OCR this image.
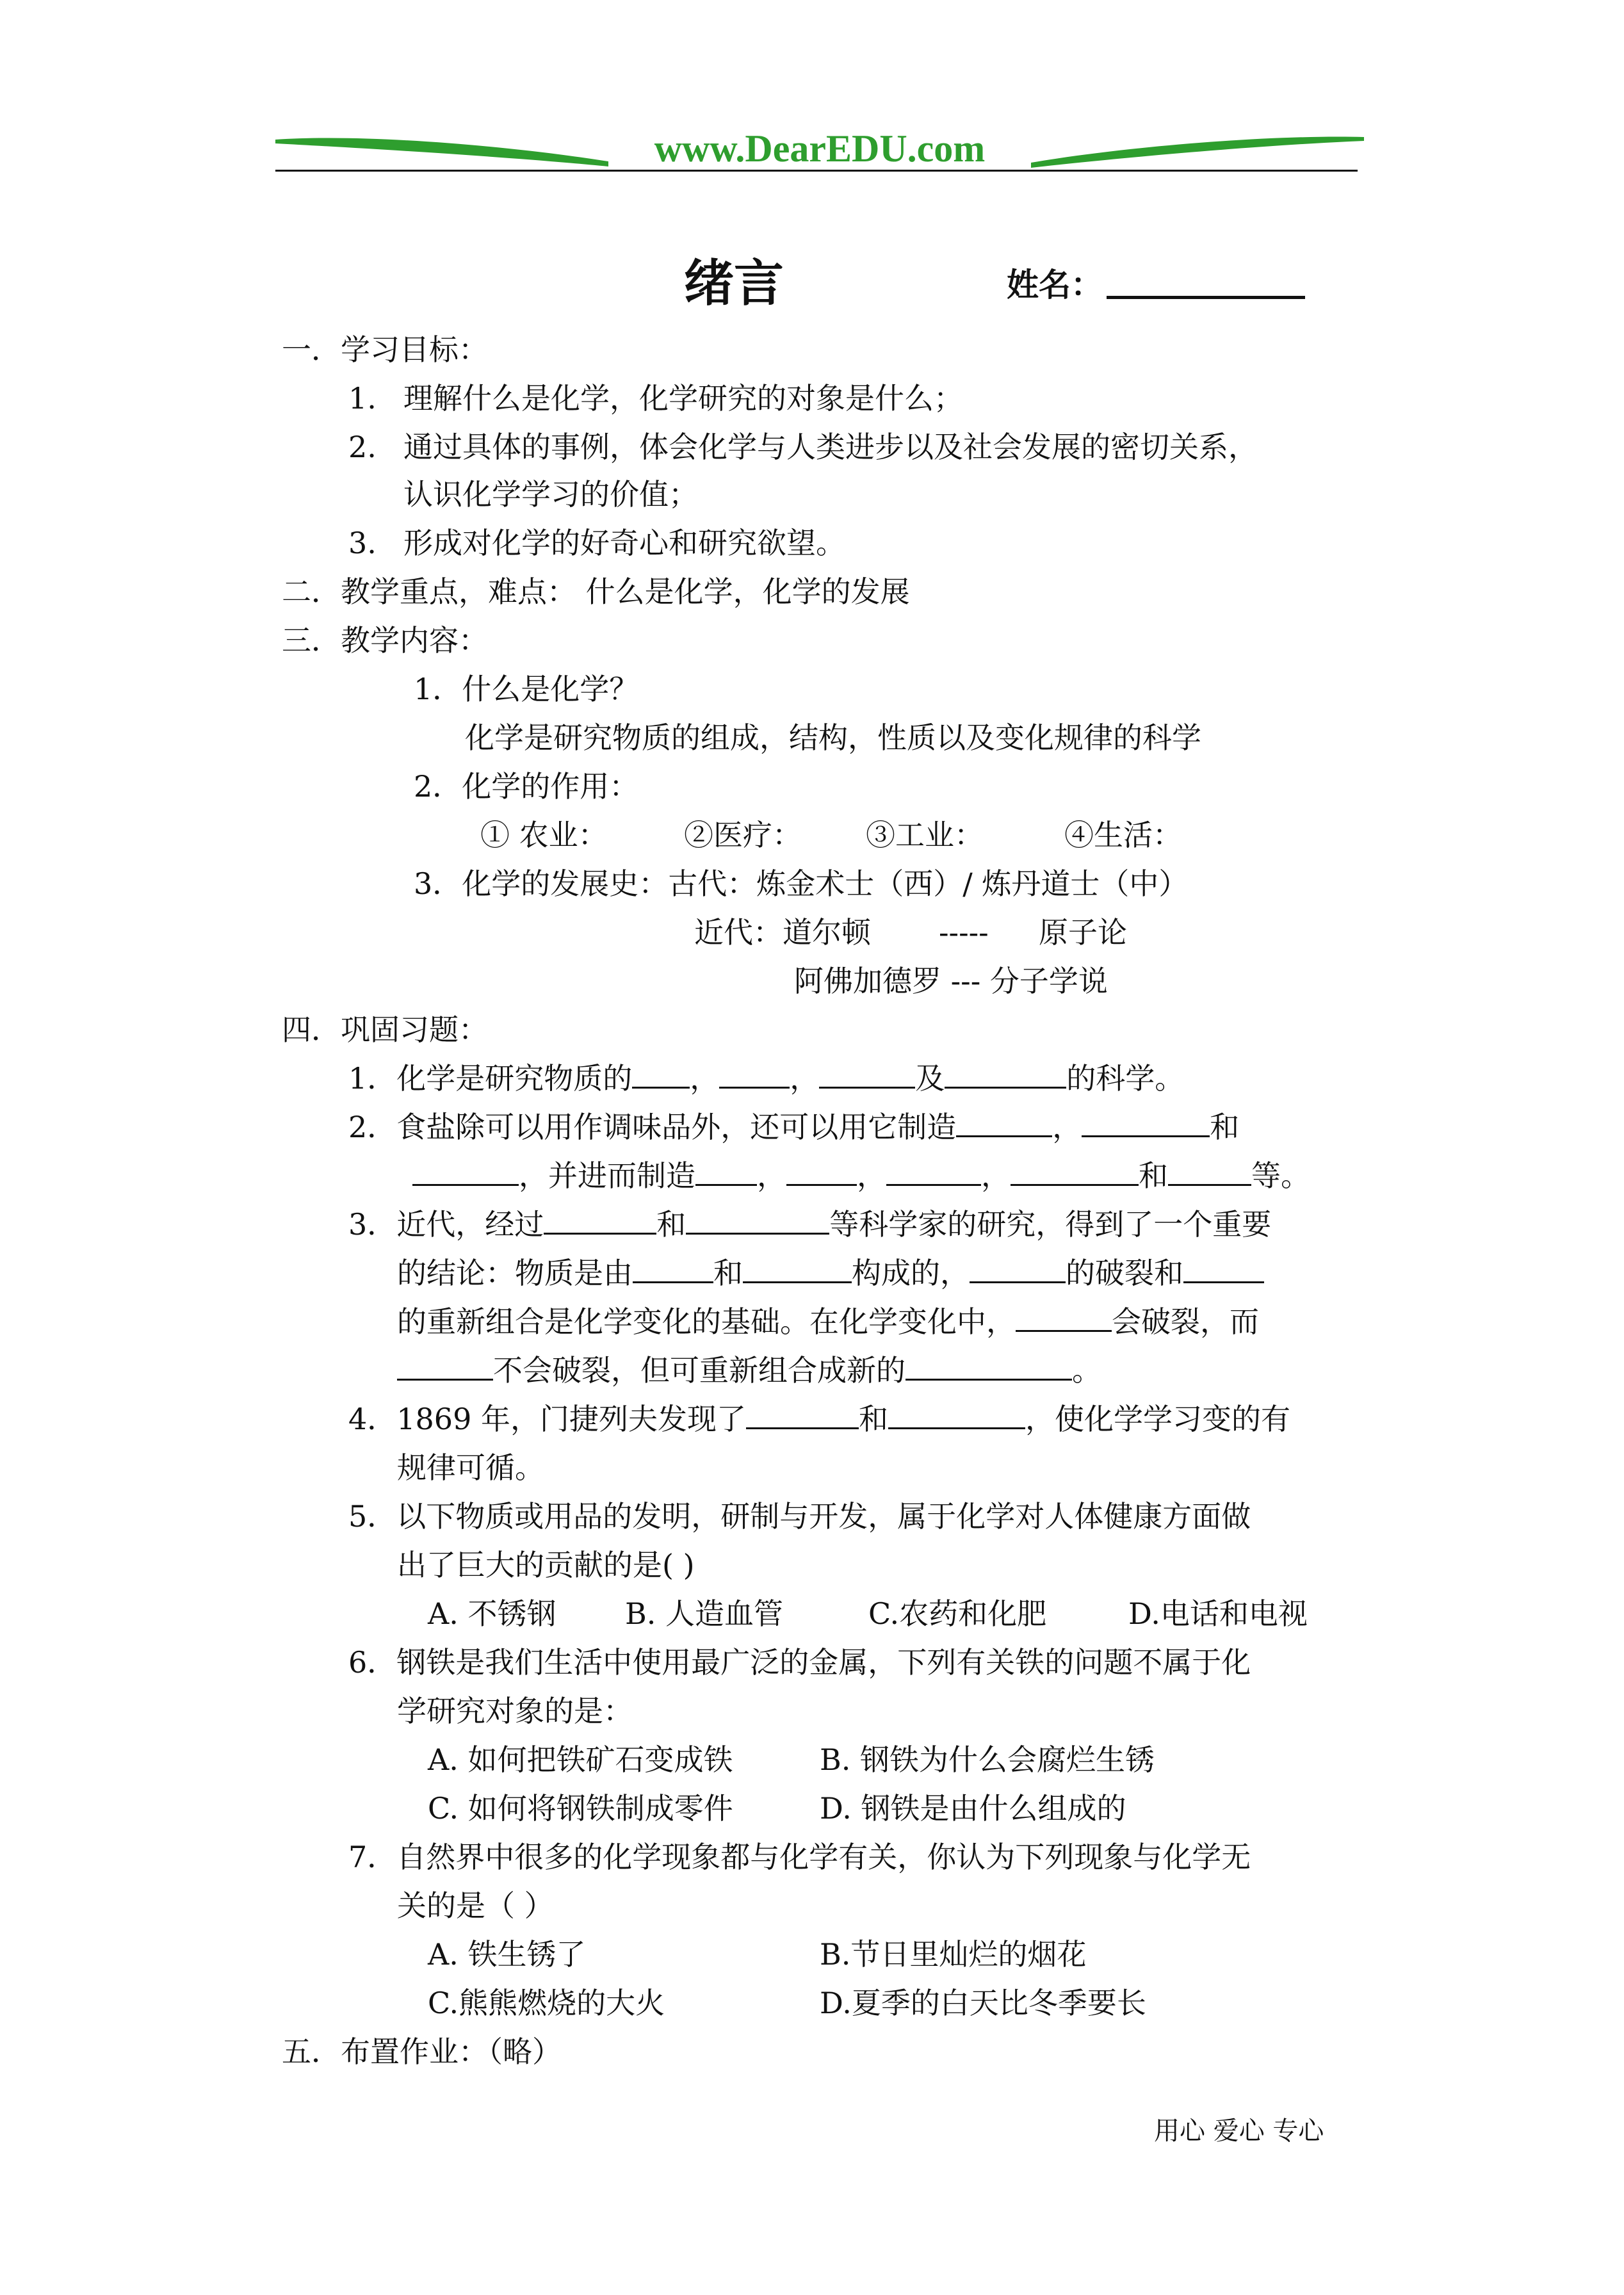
www.DearEDU.com
绪言	姓名：
一．学习目标：
1. 理解什么是化学，化学研究的对象是什么；
2. 通过具体的事例，体会化学与人类进步以及社会发展的密切关系，
认识化学学习的价值；
3. 形成对化学的好奇心和研究欲望。
二．教学重点，难点： 什么是化学，化学的发展
三．教学内容：
1．什么是化学？
化学是研究物质的组成，结构，性质以及变化规律的科学
2．化学的作用：
① 农业：	②医疗： ③工业：	④生活：
3．化学的发展史：古代：炼金术士（西）/ 炼丹道士（中）
近代：道尔顿 ----- 原子论
阿佛加德罗 --- 分子学说
四．巩固习题：
1．化学是研究物质的 ， ，	及	的科学。
2．食盐除可以用作调味品外，还可以用它制造	，	和
，并进而制造 ， ，	，	和	等。
3．近代，经过	和	等科学家的研究，得到了一个重要
的结论：物质是由	和	构成的，	的破裂和
的重新组合是化学变化的基础。在化学变化中，	会破裂，而
不会破裂，但可重新组合成新的	。
4．1869 年，门捷列夫发现了	和	，使化学学习变的有
规律可循。
5．以下物质或用品的发明，研制与开发，属于化学对人体健康方面做
出了巨大的贡献的是( )
A. 不锈钢 B. 人造血管	C.农药和化肥	D.电话和电视
6．钢铁是我们生活中使用最广泛的金属，下列有关铁的问题不属于化
学研究对象的是：
A. 如何把铁矿石变成铁	B. 钢铁为什么会腐烂生锈
C. 如何将钢铁制成零件	D. 钢铁是由什么组成的
7．自然界中很多的化学现象都与化学有关，你认为下列现象与化学无
关的是（ ）
A. 铁生锈了	B.节日里灿烂的烟花
C.熊熊燃烧的大火	D.夏季的白天比冬季要长
五．布置作业：（略）
用心 爱心 专心
